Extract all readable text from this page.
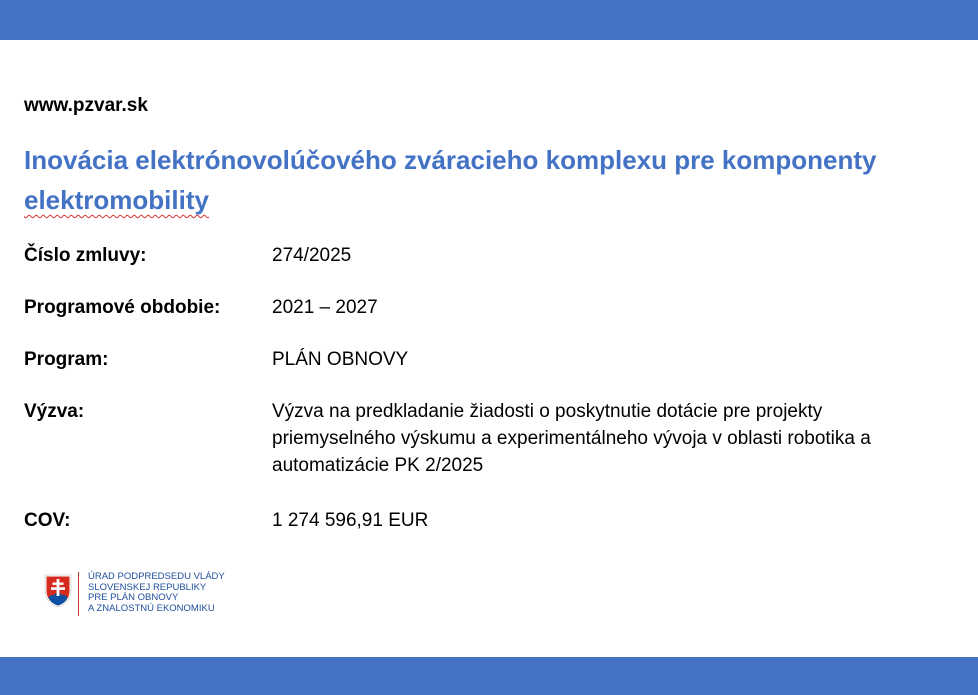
www.pzvar.sk
Inovácia elektrónovolúčového zváracieho komplexu pre komponenty elektromobility
Číslo zmluvy:	274/2025
Programové obdobie:	2021 – 2027
Program:	PLÁN OBNOVY
Výzva:	Výzva na predkladanie žiadosti o poskytnutie dotácie pre projekty priemyselného výskumu a experimentálneho vývoja v oblasti robotika a automatizácie PK 2/2025
COV:	1 274 596,91 EUR
ÚRAD PODPREDSEDU VLÁDY
SLOVENSKEJ REPUBLIKY
PRE PLÁN OBNOVY
A ZNALOSTNÚ EKONOMIKU
